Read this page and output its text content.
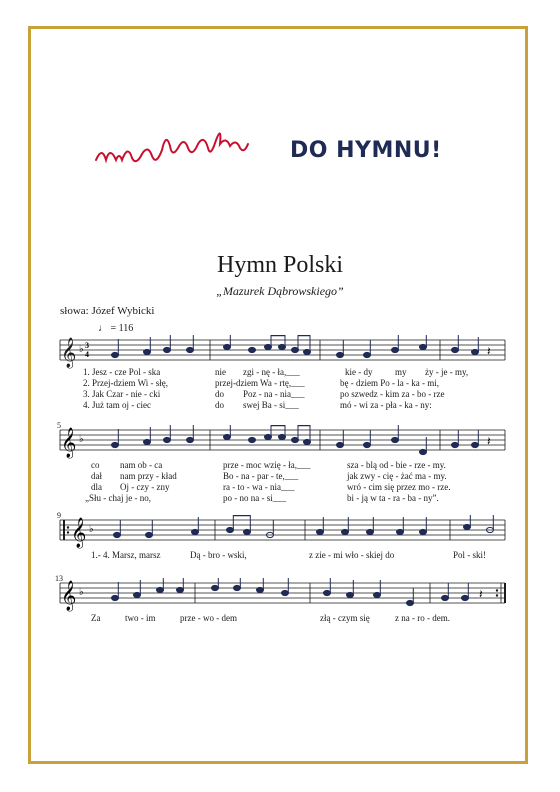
DO HYMNU!
Hymn Polski
„Mazurek Dąbrowskiego”
słowa: Józef Wybicki
♩ = 116
𝄞 ♭ 3
4	𝄽
1. Jesz - cze Pol - ska	nie zgi - nę - ła,___	kie - dy	my ży - je - my,
2. Przej-dziem Wi - słę,	przej-dziem Wa - rtę,___	bę - dziem Po - la - ka - mi,
3. Jak Czar - nie - cki	do Poz - na - nia___	po szwedz - kim za - bo - rze
4. Już tam oj - ciec	do swej Ba - si___	mó - wi za - pła - ka - ny:
5
𝄞 ♭	𝄽
co nam ob - ca	prze - moc wzię - ła,___	sza - blą od - bie - rze - my.
dał nam przy - kład	Bo - na - par - te,___	jak zwy - cię - żać ma - my.
dla Oj - czy - zny	ra - to - wa - nia___	wró - cim się przez mo - rze.
„Słu - chaj je - no,	po - no na - si___	bi - ją w ta - ra - ba - ny”.
9
𝄞 ♭
1.- 4. Marsz, marsz	Dą - bro - wski,	z zie - mi wło - skiej do	Pol - ski!
13
𝄞 ♭	𝄽
Za	two - im	prze - wo - dem	złą - czym się	z na - ro - dem.
